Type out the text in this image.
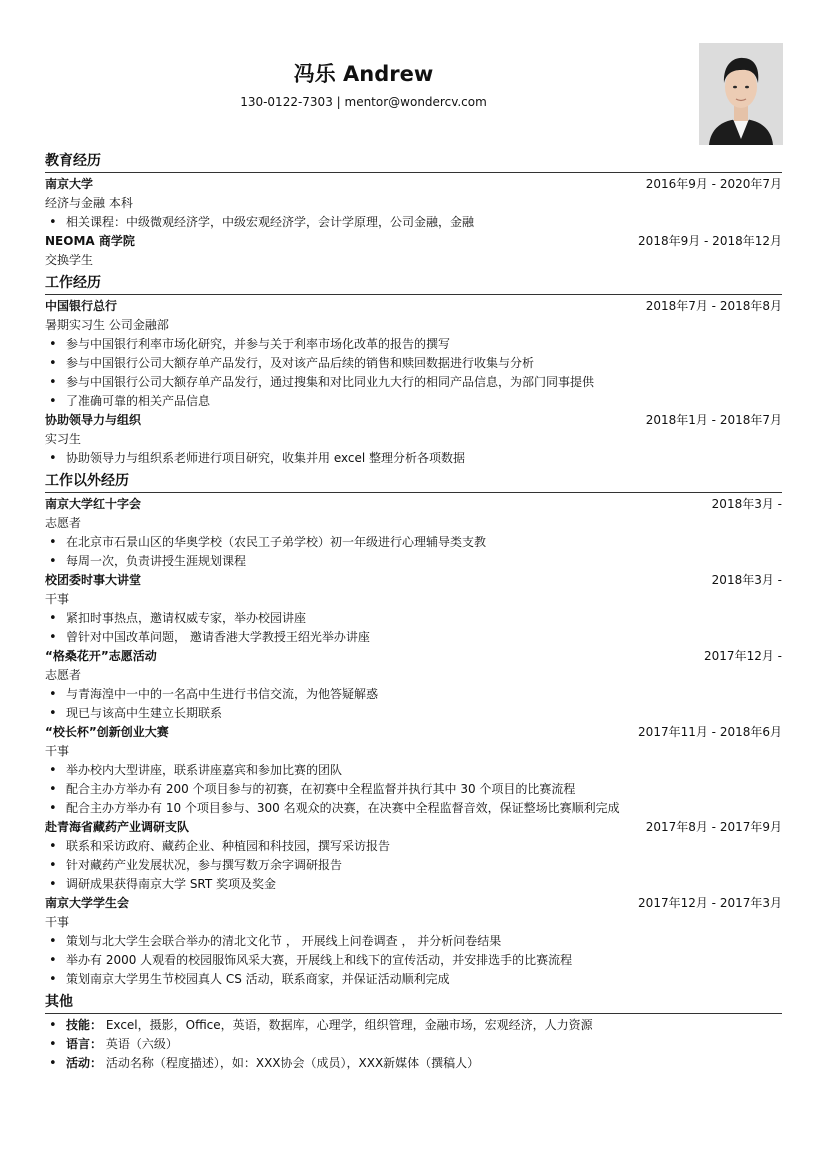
冯乐 Andrew
130-0122-7303 | mentor@wondercv.com
教育经历
南京大学	2016年9月 - 2020年7月
经济与金融 本科
• 相关课程：中级微观经济学，中级宏观经济学，会计学原理，公司金融，金融
NEOMA 商学院	2018年9月 - 2018年12月
交换学生
工作经历
中国银行总行	2018年7月 - 2018年8月
暑期实习生 公司金融部
• 参与中国银行利率市场化研究，并参与关于利率市场化改革的报告的撰写
• 参与中国银行公司大额存单产品发行，及对该产品后续的销售和赎回数据进行收集与分析
• 参与中国银行公司大额存单产品发行，通过搜集和对比同业九大行的相同产品信息，为部门同事提供
• 了准确可靠的相关产品信息
协助领导力与组织	2018年1月 - 2018年7月
实习生
• 协助领导力与组织系老师进行项目研究，收集并用 excel 整理分析各项数据
工作以外经历
南京大学红十字会	2018年3月 -
志愿者
• 在北京市石景山区的华奥学校（农民工子弟学校）初一年级进行心理辅导类支教
• 每周一次，负责讲授生涯规划课程
校团委时事大讲堂	2018年3月 -
干事
• 紧扣时事热点，邀请权威专家，举办校园讲座
• 曾针对中国改革问题， 邀请香港大学教授王绍光举办讲座
“格桑花开”志愿活动	2017年12月 -
志愿者
• 与青海湟中一中的一名高中生进行书信交流，为他答疑解惑
• 现已与该高中生建立长期联系
“校长杯”创新创业大赛	2017年11月 - 2018年6月
干事
• 举办校内大型讲座，联系讲座嘉宾和参加比赛的团队
• 配合主办方举办有 200 个项目参与的初赛，在初赛中全程监督并执行其中 30 个项目的比赛流程
• 配合主办方举办有 10 个项目参与、300 名观众的决赛，在决赛中全程监督音效，保证整场比赛顺利完成
赴青海省藏药产业调研支队	2017年8月 - 2017年9月
• 联系和采访政府、藏药企业、种植园和科技园，撰写采访报告
• 针对藏药产业发展状况，参与撰写数万余字调研报告
• 调研成果获得南京大学 SRT 奖项及奖金
南京大学学生会	2017年12月 - 2017年3月
干事
• 策划与北大学生会联合举办的清北文化节 ， 开展线上问卷调查 ， 并分析问卷结果
• 举办有 2000 人观看的校园服饰风采大赛，开展线上和线下的宣传活动，并安排选手的比赛流程
• 策划南京大学男生节校园真人 CS 活动，联系商家，并保证活动顺利完成
其他
• 技能： Excel，摄影，Office，英语，数据库，心理学，组织管理，金融市场，宏观经济，人力资源
• 语言： 英语（六级）
• 活动： 活动名称（程度描述），如：XXX协会（成员），XXX新媒体（撰稿人）
